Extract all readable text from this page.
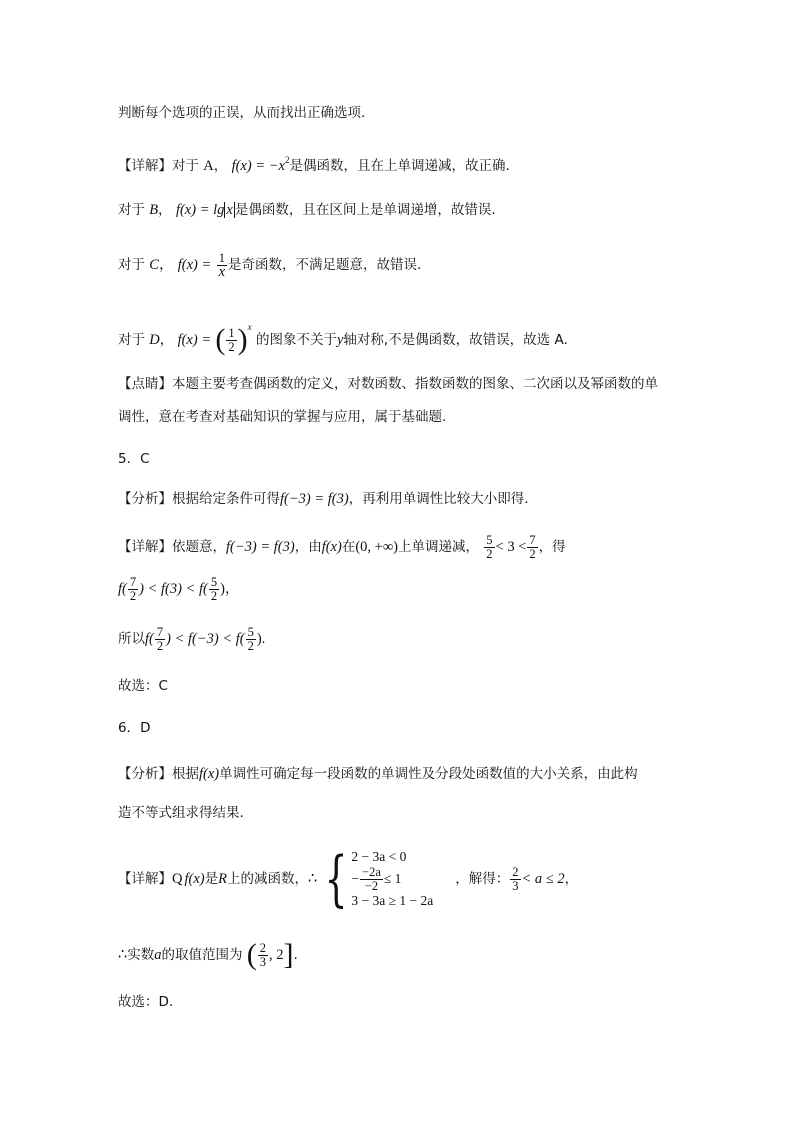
判断每个选项的正误，从而找出正确选项.
【详解】对于 A， $f(x) = -x^2$是偶函数，且在上单调递减，故正确.
对于 B， f(x) = lg x 是偶函数，且在区间上是单调递增，故错误.
对于 C， $f(x) = \frac{1}{x}$ 是奇函数，不满足题意，故错误.
对于 D， f(x) = ( $\frac{1}{2} )^x$ 的图象不关于y轴对称,不是偶函数，故错误，故选 A.
【点睛】本题主要考查偶函数的定义，对数函数、指数函数的图象、二次函以及幂函数的单
调性，意在考查对基础知识的掌握与应用，属于基础题.
5．C
【分析】根据给定条件可得f(−3) = f(3)，再利用单调性比较大小即得.
【详解】依题意，f(−3) = f(3)，由f(x)在(0, +∞)上单调递减， $\frac{5}{2} < 3 < \frac{7}{2}$ ，得
$f( \frac{7}{2}$ ) < $f(3) < f( \frac{5}{2}$ )，
所以$f( \frac{7}{2}$ ) < $f(-3) < f( \frac{5}{2}$ ).
故选：C
6．D
【分析】根据f(x)单调性可确定每一段函数的单调性及分段处函数值的大小关系，由此构
造不等式组求得结果.
【详解】 Q f(x) 是 R 上的减函数， ∴ { 2 − 3a < 0
− $\frac{-2a}{-2} \le 1$
3 − 3a ≥ 1 − 2a
，解得： $\frac{2}{3} < a \le 2$ ，
∴实数a的取值范围为 ( $\frac{2}{3}$ , 2].
故选：D.
